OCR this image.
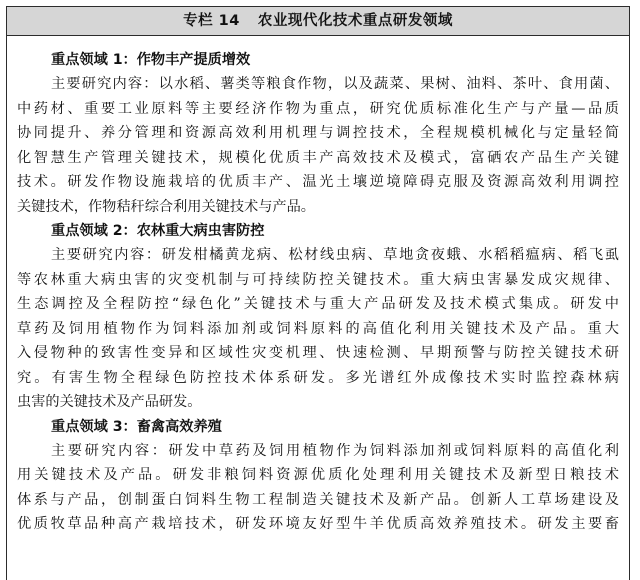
专栏 14 农业现代化技术重点研发领域

重点领域 1：作物丰产提质增效

主要研究内容：以水稻、薯类等粮食作物，以及蔬菜、果树、油料、茶叶、食用菌、
中药材、重要工业原料等主要经济作物为重点，研究优质标准化生产与产量—品质
协同提升、养分管理和资源高效利用机理与调控技术，全程规模机械化与定量轻简
化智慧生产管理关键技术，规模化优质丰产高效技术及模式，富硒农产品生产关键
技术。研发作物设施栽培的优质丰产、温光土壤逆境障碍克服及资源高效利用调控
关键技术，作物秸秆综合利用关键技术与产品。

重点领域 2：农林重大病虫害防控

主要研究内容：研发柑橘黄龙病、松材线虫病、草地贪夜蛾、水稻稻瘟病、稻飞虱
等农林重大病虫害的灾变机制与可持续防控关键技术。重大病虫害暴发成灾规律、
生态调控及全程防控“绿色化”关键技术与重大产品研发及技术模式集成。研发中
草药及饲用植物作为饲料添加剂或饲料原料的高值化利用关键技术及产品。重大
入侵物种的致害性变异和区域性灾变机理、快速检测、早期预警与防控关键技术研
究。有害生物全程绿色防控技术体系研发。多光谱红外成像技术实时监控森林病
虫害的关键技术及产品研发。

重点领域 3：畜禽高效养殖

主要研究内容：研发中草药及饲用植物作为饲料添加剂或饲料原料的高值化利
用关键技术及产品。研发非粮饲料资源优质化处理利用关键技术及新型日粮技术
体系与产品，创制蛋白饲料生物工程制造关键技术及新产品。创新人工草场建设及
优质牧草品种高产栽培技术，研发环境友好型牛羊优质高效养殖技术。研发主要畜
